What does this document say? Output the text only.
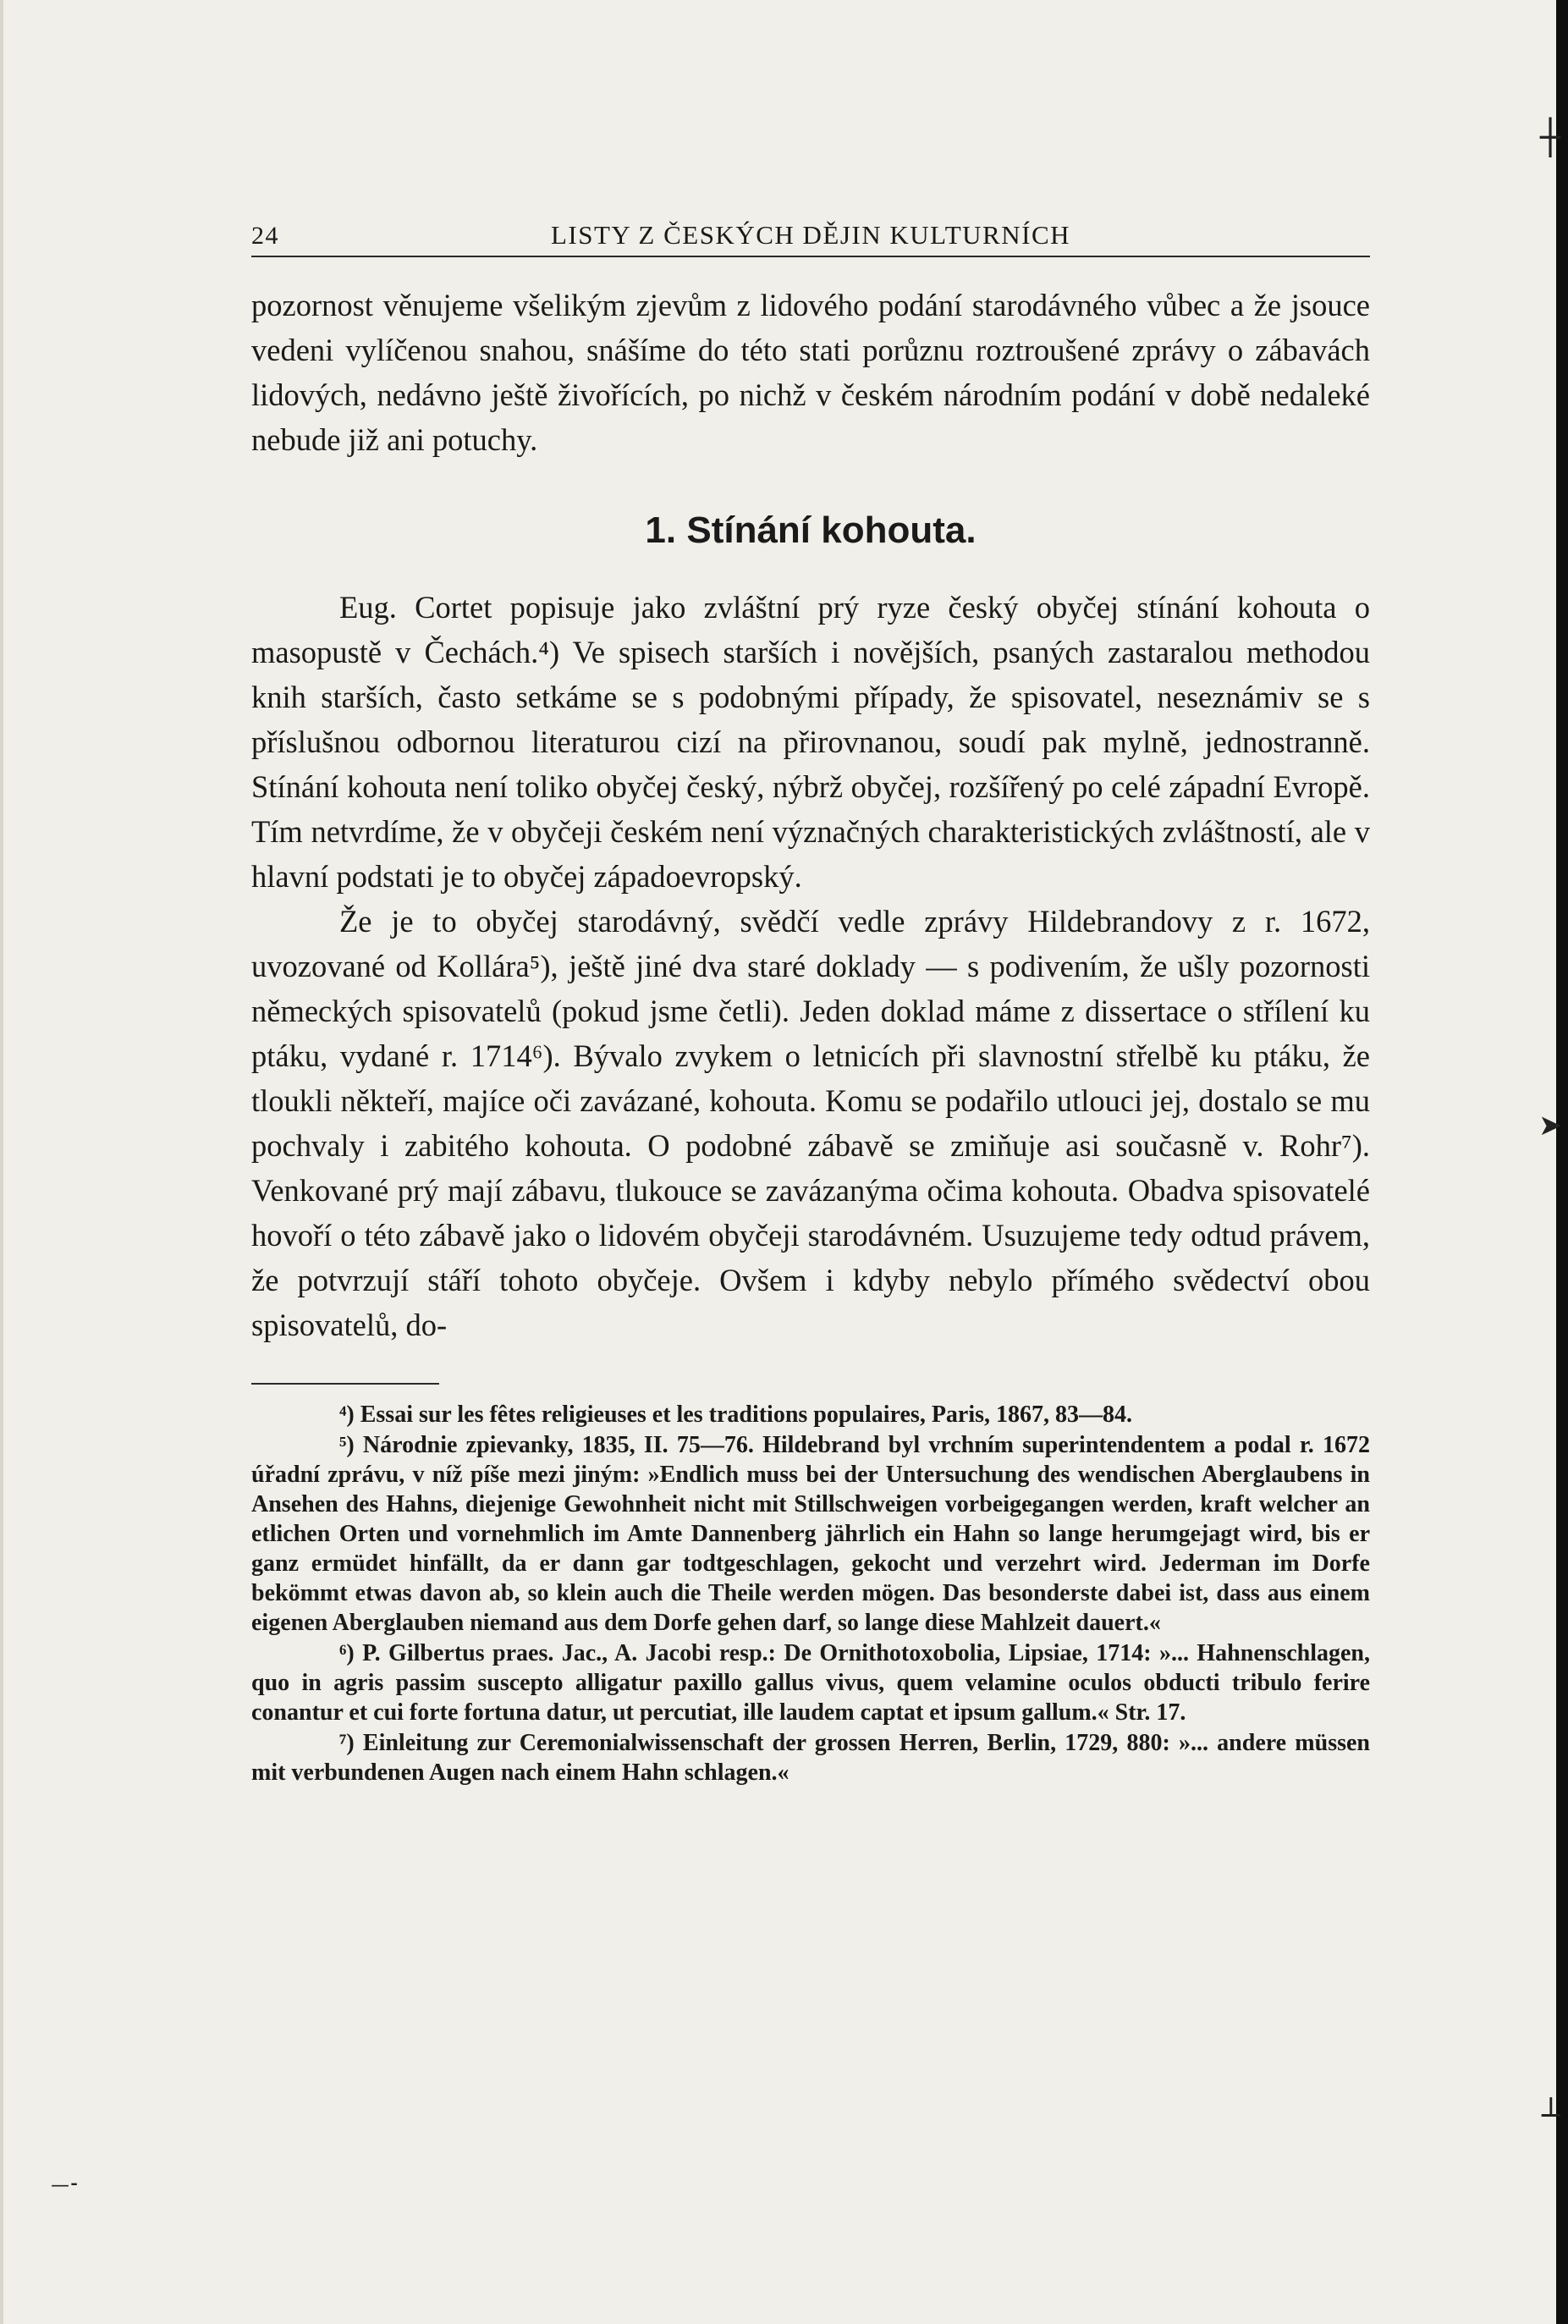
┼
➤
┴
—⁃
24	LISTY Z ČESKÝCH DĚJIN KULTURNÍCH

pozornost věnujeme všelikým zjevům z lidového podání starodávného vůbec a že jsouce vedeni vylíčenou snahou, snášíme do této stati porůznu roztroušené zprávy o zábavách lidových, nedávno ještě živořících, po nichž v českém národním podání v době nedaleké nebude již ani potuchy.

1. Stínání kohouta.

Eug. Cortet popisuje jako zvláštní prý ryze český obyčej stínání kohouta o masopustě v Čechách.⁴) Ve spisech starších i novějších, psaných zastaralou methodou knih starších, často setkáme se s podobnými případy, že spisovatel, neseznámiv se s příslušnou odbornou literaturou cizí na přirovnanou, soudí pak mylně, jednostranně. Stínání kohouta není toliko obyčej český, nýbrž obyčej, rozšířený po celé západní Evropě. Tím netvrdíme, že v obyčeji českém není význačných charakteristických zvláštností, ale v hlavní podstati je to obyčej západoevropský.

Že je to obyčej starodávný, svědčí vedle zprávy Hildebrandovy z r. 1672, uvozované od Kollára⁵), ještě jiné dva staré doklady — s podivením, že ušly pozornosti německých spisovatelů (pokud jsme četli). Jeden doklad máme z dissertace o střílení ku ptáku, vydané r. 1714⁶). Bývalo zvykem o letnicích při slavnostní střelbě ku ptáku, že tloukli někteří, majíce oči zavázané, kohouta. Komu se podařilo utlouci jej, dostalo se mu pochvaly i zabitého kohouta. O podobné zábavě se zmiňuje asi současně v. Rohr⁷). Venkované prý mají zábavu, tlukouce se zavázanýma očima kohouta. Obadva spisovatelé hovoří o této zábavě jako o lidovém obyčeji starodávném. Usuzujeme tedy odtud právem, že potvrzují stáří tohoto obyčeje. Ovšem i kdyby nebylo přímého svědectví obou spisovatelů, do-

⁴) Essai sur les fêtes religieuses et les traditions populaires, Paris, 1867, 83—84.

⁵) Národnie zpievanky, 1835, II. 75—76. Hildebrand byl vrchním superintendentem a podal r. 1672 úřadní zprávu, v níž píše mezi jiným: »Endlich muss bei der Untersuchung des wendischen Aberglaubens in Ansehen des Hahns, diejenige Gewohnheit nicht mit Stillschweigen vorbeigegangen werden, kraft welcher an etlichen Orten und vornehmlich im Amte Dannenberg jährlich ein Hahn so lange herumgejagt wird, bis er ganz ermüdet hinfällt, da er dann gar todtgeschlagen, gekocht und verzehrt wird. Jederman im Dorfe bekömmt etwas davon ab, so klein auch die Theile werden mögen. Das besonderste dabei ist, dass aus einem eigenen Aberglauben niemand aus dem Dorfe gehen darf, so lange diese Mahlzeit dauert.«

⁶) P. Gilbertus praes. Jac., A. Jacobi resp.: De Ornithotoxobolia, Lipsiae, 1714: »... Hahnenschlagen, quo in agris passim suscepto alligatur paxillo gallus vivus, quem velamine oculos obducti tribulo ferire conantur et cui forte fortuna datur, ut percutiat, ille laudem captat et ipsum gallum.« Str. 17.

⁷) Einleitung zur Ceremonialwissenschaft der grossen Herren, Berlin, 1729, 880: »... andere müssen mit verbundenen Augen nach einem Hahn schlagen.«
